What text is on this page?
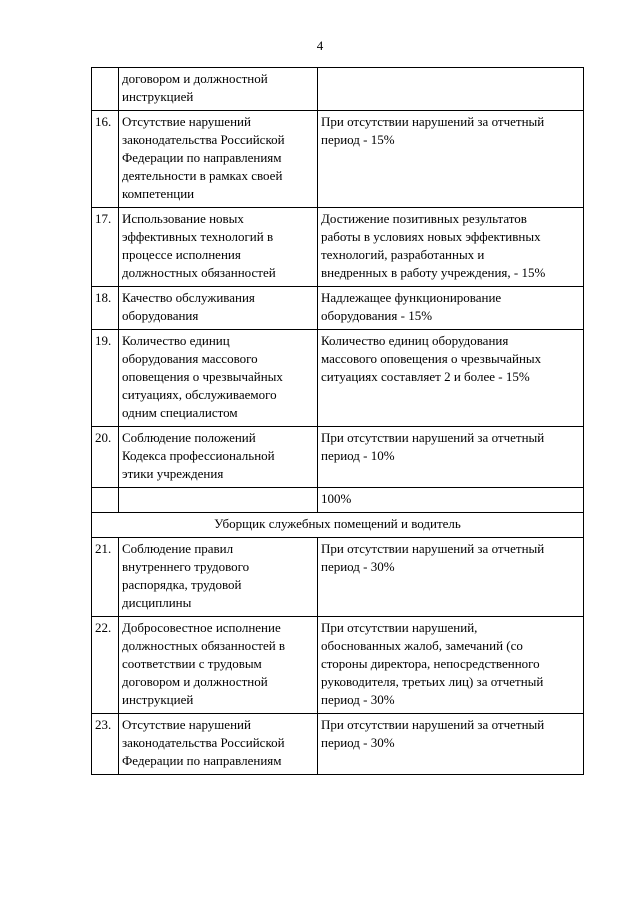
4

	договором и должностной
инструкцией	

16.	Отсутствие нарушений
законодательства Российской
Федерации по направлениям
деятельности в рамках своей
компетенции	При отсутствии нарушений за отчетный
период - 15%

17.	Использование новых
эффективных технологий в
процессе исполнения
должностных обязанностей	Достижение позитивных результатов
работы в условиях новых эффективных
технологий, разработанных и
внедренных в работу учреждения, - 15%

18.	Качество обслуживания
оборудования	Надлежащее функционирование
оборудования - 15%

19.	Количество единиц
оборудования массового
оповещения о чрезвычайных
ситуациях, обслуживаемого
одним специалистом	Количество единиц оборудования
массового оповещения о чрезвычайных
ситуациях составляет 2 и более - 15%

20.	Соблюдение положений
Кодекса профессиональной
этики учреждения	При отсутствии нарушений за отчетный
период - 10%

		100%
Уборщик служебных помещений и водитель		
21.	Соблюдение правил
внутреннего трудового
распорядка, трудовой
дисциплины	При отсутствии нарушений за отчетный
период - 30%

22.	Добросовестное исполнение
должностных обязанностей в
соответствии с трудовым
договором и должностной
инструкцией	При отсутствии нарушений,
обоснованных жалоб, замечаний (со
стороны директора, непосредственного
руководителя, третьих лиц) за отчетный
период - 30%

23.	Отсутствие нарушений
законодательства Российской
Федерации по направлениям	При отсутствии нарушений за отчетный
период - 30%
